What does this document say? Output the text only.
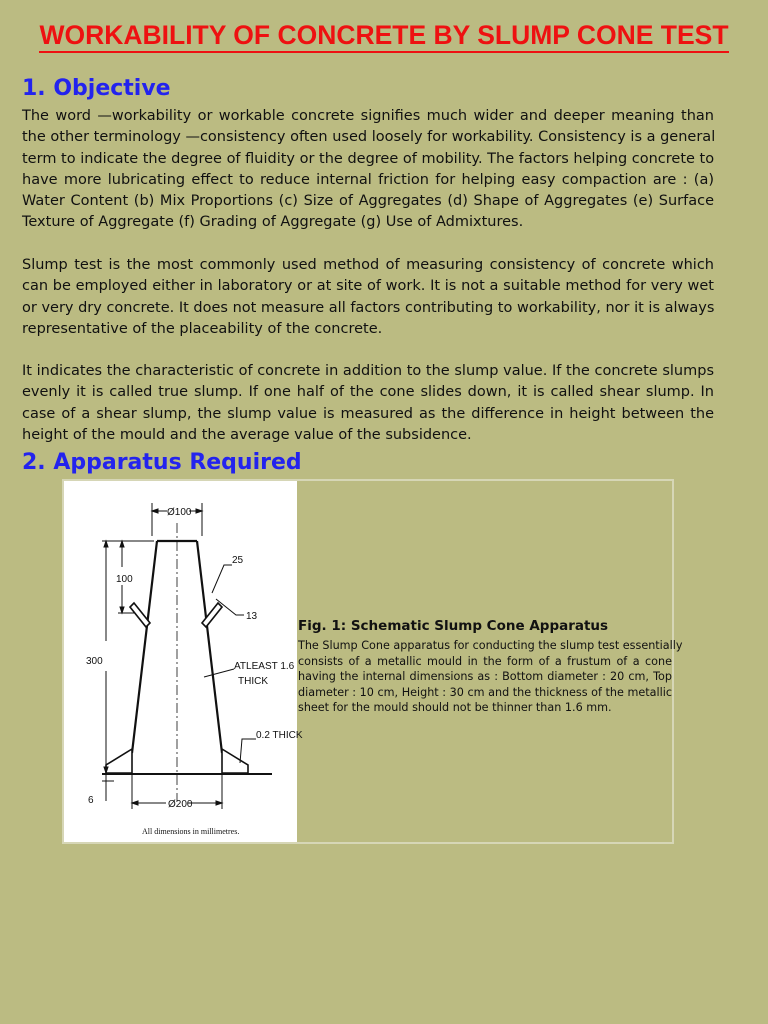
WORKABILITY OF CONCRETE BY SLUMP CONE TEST
1. Objective
The word —workability or workable concrete signifies much wider and deeper meaning than
the other terminology —consistency often used loosely for workability. Consistency is a general
term to indicate the degree of fluidity or the degree of mobility. The factors helping concrete to
have more lubricating effect to reduce internal friction for helping easy compaction are : (a)
Water Content (b) Mix Proportions (c) Size of Aggregates (d) Shape of Aggregates (e) Surface
Texture of Aggregate (f) Grading of Aggregate (g) Use of Admixtures.
Slump test is the most commonly used method of measuring consistency of concrete which
can be employed either in laboratory or at site of work. It is not a suitable method for very wet
or very dry concrete. It does not measure all factors contributing to workability, nor it is always
representative of the placeability of the concrete.
It indicates the characteristic of concrete in addition to the slump value. If the concrete slumps
evenly it is called true slump. If one half of the cone slides down, it is called shear slump. In
case of a shear slump, the slump value is measured as the difference in height between the
height of the mould and the average value of the subsidence.
2. Apparatus Required
Ø100
25
100
13
300	ATLEAST 1.6
THICK
0.2 THICK
6	Ø200
All dimensions in millimetres.
Fig. 1: Schematic Slump Cone Apparatus
The Slump Cone apparatus for conducting the slump test essentially
consists of a metallic mould in the form of a frustum of a cone
having the internal dimensions as : Bottom diameter : 20 cm, Top
diameter : 10 cm, Height : 30 cm and the thickness of the metallic
sheet for the mould should not be thinner than 1.6 mm.
